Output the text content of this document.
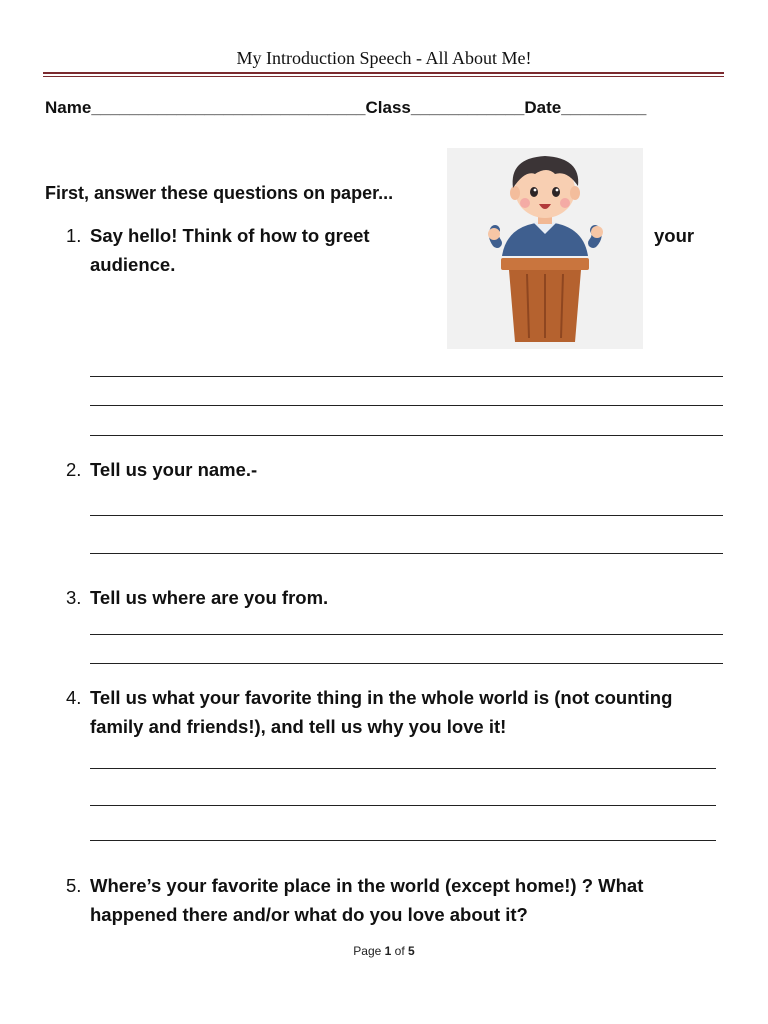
My Introduction Speech - All About Me!
Name_____________________________Class____________Date_________
First, answer these questions on paper...
1. Say hello! Think of how to greet
audience.
your
2. Tell us your name.-
3. Tell us where are you from.
4. Tell us what your favorite thing in the whole world is (not counting family and friends!), and tell us why you love it!
5. Where’s your favorite place in the world (except home!) ? What happened there and/or what do you love about it?
Page 1 of 5
